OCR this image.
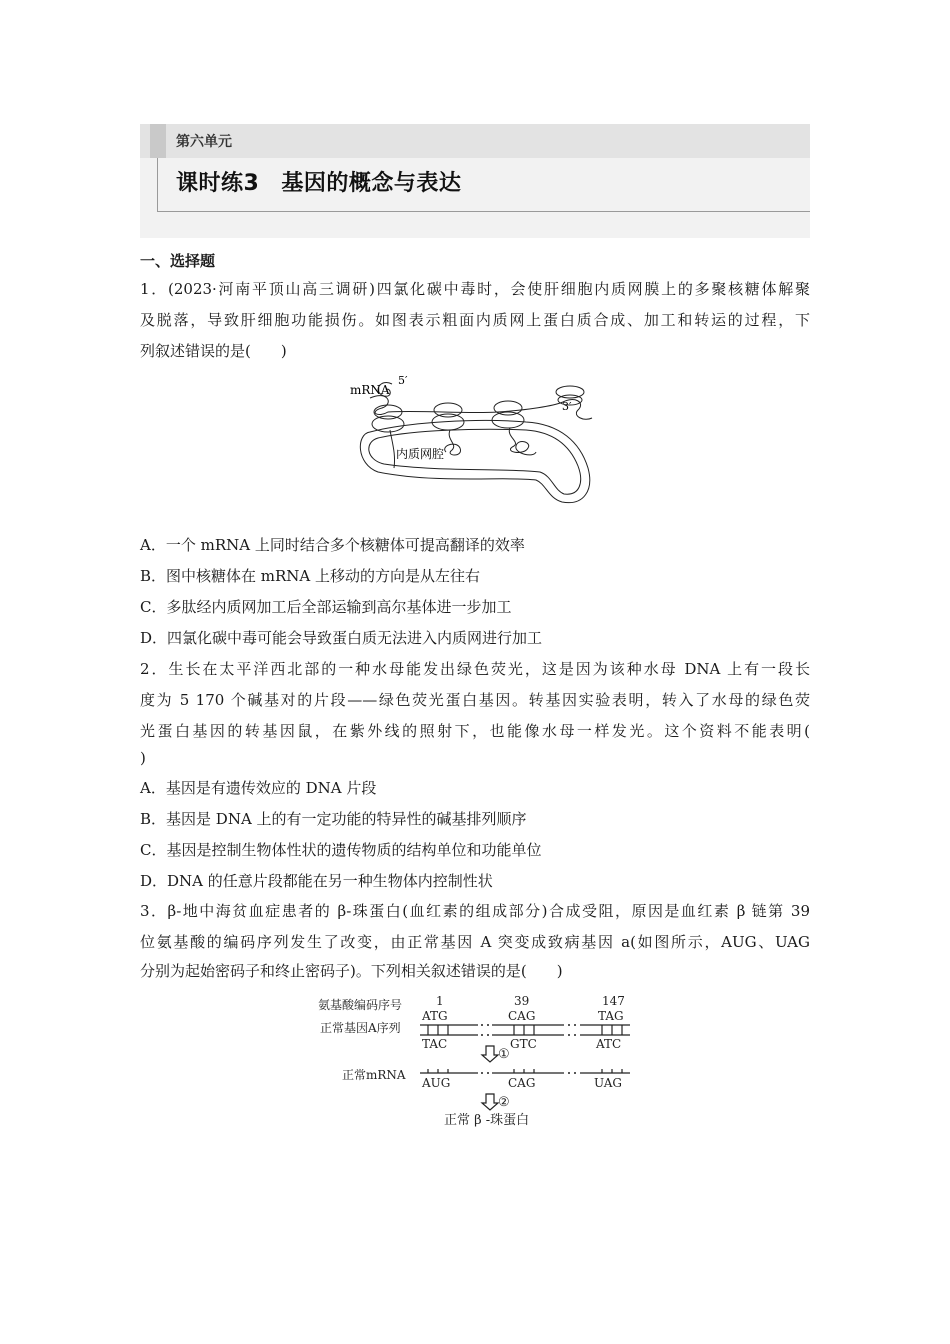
第六单元
课时练3 基因的概念与表达
一、选择题
1．(2023·河南平顶山高三调研)四氯化碳中毒时，会使肝细胞内质网膜上的多聚核糖体解聚
及脱落，导致肝细胞功能损伤。如图表示粗面内质网上蛋白质合成、加工和转运的过程，下
列叙述错误的是(　　)
mRNA
5′
3′
内质网腔
A．一个 mRNA 上同时结合多个核糖体可提高翻译的效率
B．图中核糖体在 mRNA 上移动的方向是从左往右
C．多肽经内质网加工后全部运输到高尔基体进一步加工
D．四氯化碳中毒可能会导致蛋白质无法进入内质网进行加工
2．生长在太平洋西北部的一种水母能发出绿色荧光，这是因为该种水母 DNA 上有一段长
度为 5 170 个碱基对的片段——绿色荧光蛋白基因。转基因实验表明，转入了水母的绿色荧
光蛋白基因的转基因鼠，在紫外线的照射下，也能像水母一样发光。这个资料不能表明(
)
A．基因是有遗传效应的 DNA 片段
B．基因是 DNA 上的有一定功能的特异性的碱基排列顺序
C．基因是控制生物体性状的遗传物质的结构单位和功能单位
D．DNA 的任意片段都能在另一种生物体内控制性状
3．β-地中海贫血症患者的 β-珠蛋白(血红素的组成部分)合成受阻，原因是血红素 β 链第 39
位氨基酸的编码序列发生了改变，由正常基因 A 突变成致病基因 a(如图所示，AUG、UAG
分别为起始密码子和终止密码子)。下列相关叙述错误的是(　　)
氨基酸编码序号
正常基因A序列
正常mRNA
1	39	147
ATG	CAG	TAG
TAC	GTC	ATC
AUG	CAG	UAG
①
②
正常 β -珠蛋白
